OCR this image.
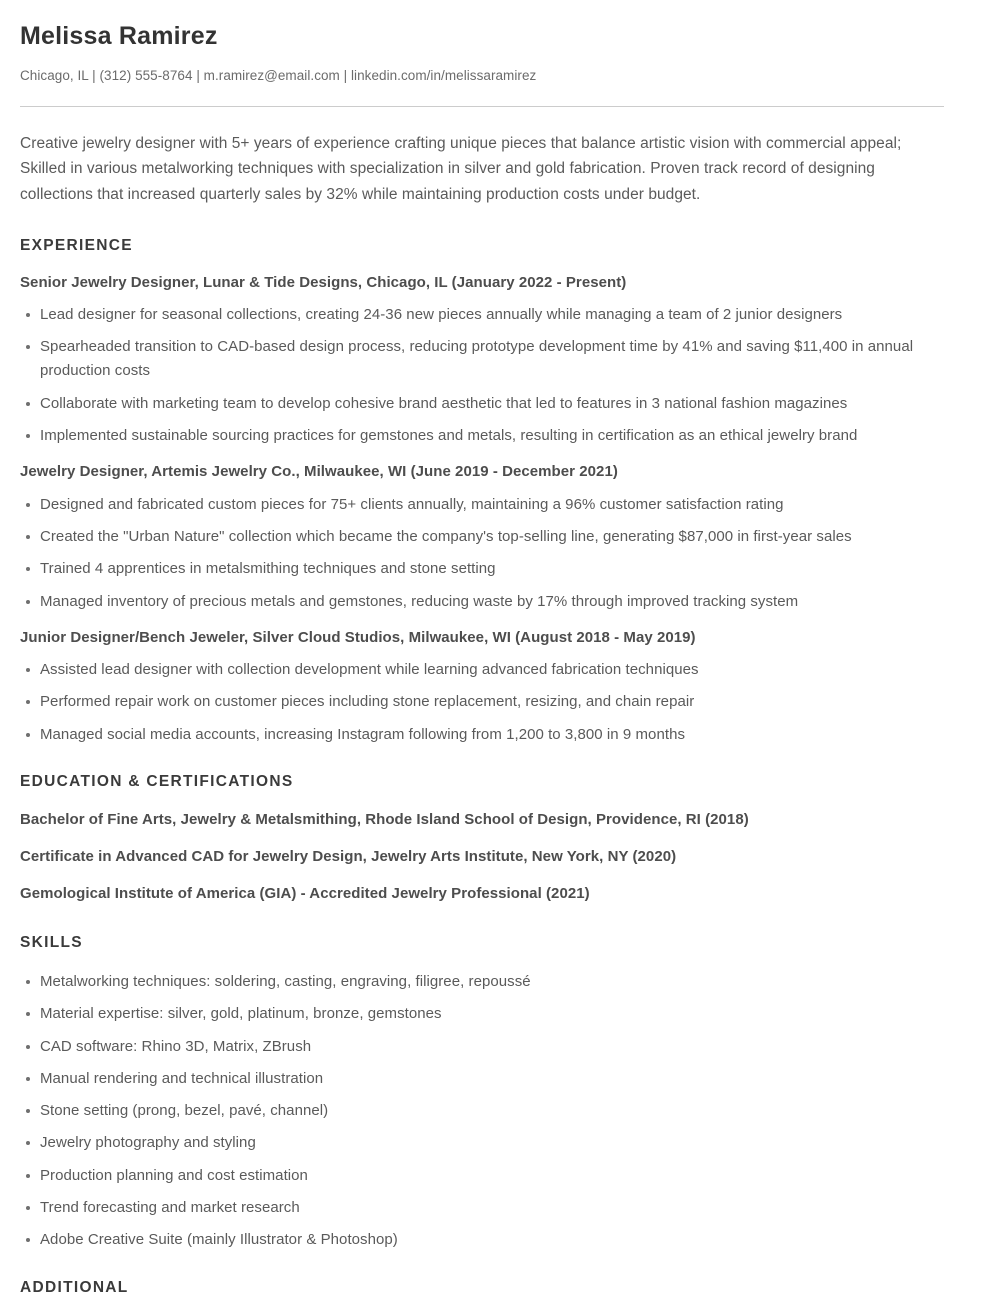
Melissa Ramirez
Chicago, IL | (312) 555-8764 | m.ramirez@email.com | linkedin.com/in/melissaramirez

Creative jewelry designer with 5+ years of experience crafting unique pieces that balance artistic vision with commercial appeal; Skilled in various metalworking techniques with specialization in silver and gold fabrication. Proven track record of designing collections that increased quarterly sales by 32% while maintaining production costs under budget.

EXPERIENCE
Senior Jewelry Designer, Lunar & Tide Designs, Chicago, IL (January 2022 - Present)
Lead designer for seasonal collections, creating 24-36 new pieces annually while managing a team of 2 junior designers
Spearheaded transition to CAD-based design process, reducing prototype development time by 41% and saving $11,400 in annual production costs
Collaborate with marketing team to develop cohesive brand aesthetic that led to features in 3 national fashion magazines
Implemented sustainable sourcing practices for gemstones and metals, resulting in certification as an ethical jewelry brand
Jewelry Designer, Artemis Jewelry Co., Milwaukee, WI (June 2019 - December 2021)
Designed and fabricated custom pieces for 75+ clients annually, maintaining a 96% customer satisfaction rating
Created the "Urban Nature" collection which became the company's top-selling line, generating $87,000 in first-year sales
Trained 4 apprentices in metalsmithing techniques and stone setting
Managed inventory of precious metals and gemstones, reducing waste by 17% through improved tracking system
Junior Designer/Bench Jeweler, Silver Cloud Studios, Milwaukee, WI (August 2018 - May 2019)
Assisted lead designer with collection development while learning advanced fabrication techniques
Performed repair work on customer pieces including stone replacement, resizing, and chain repair
Managed social media accounts, increasing Instagram following from 1,200 to 3,800 in 9 months
EDUCATION & CERTIFICATIONS
Bachelor of Fine Arts, Jewelry & Metalsmithing, Rhode Island School of Design, Providence, RI (2018)
Certificate in Advanced CAD for Jewelry Design, Jewelry Arts Institute, New York, NY (2020)
Gemological Institute of America (GIA) - Accredited Jewelry Professional (2021)
SKILLS
Metalworking techniques: soldering, casting, engraving, filigree, repoussé
Material expertise: silver, gold, platinum, bronze, gemstones
CAD software: Rhino 3D, Matrix, ZBrush
Manual rendering and technical illustration
Stone setting (prong, bezel, pavé, channel)
Jewelry photography and styling
Production planning and cost estimation
Trend forecasting and market research
Adobe Creative Suite (mainly Illustrator & Photoshop)
ADDITIONAL
